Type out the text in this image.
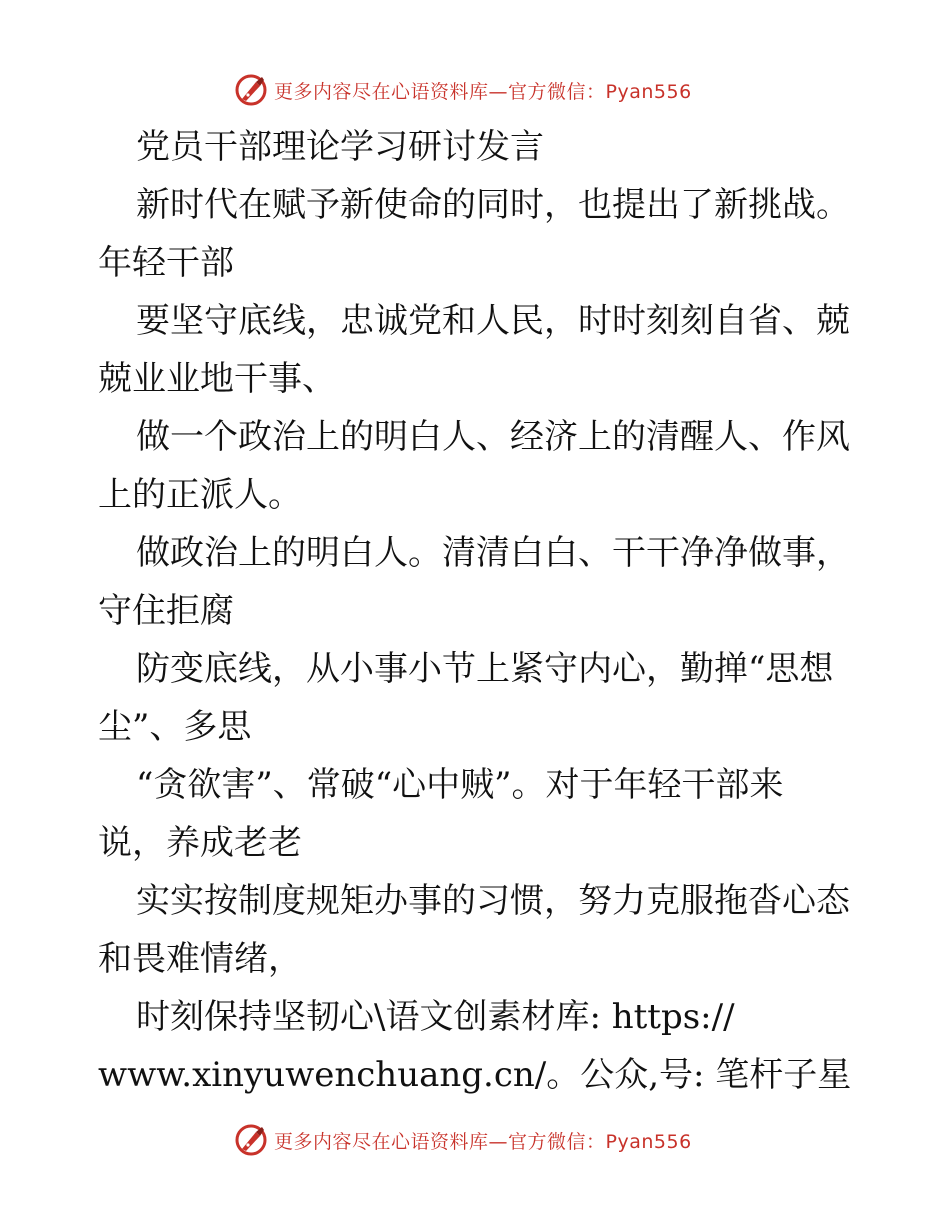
更多内容尽在心语资料库—官方微信：Pyan556
党员干部理论学习研讨发言
新时代在赋予新使命的同时，也提出了新挑战。
年轻干部
要坚守底线，忠诚党和人民，时时刻刻自省、兢
兢业业地干事、
做一个政治上的明白人、经济上的清醒人、作风
上的正派人。
做政治上的明白人。清清白白、干干净净做事，
守住拒腐
防变底线，从小事小节上紧守内心，勤掸“思想
尘”、多思
“贪欲害”、常破“心中贼”。对于年轻干部来
说，养成老老
实实按制度规矩办事的习惯，努力克服拖沓心态
和畏难情绪，
时刻保持坚韧心\语文创素材库: https://
www.xinyuwenchuang.cn/。公众,号: 笔杆子星
更多内容尽在心语资料库—官方微信：Pyan556
